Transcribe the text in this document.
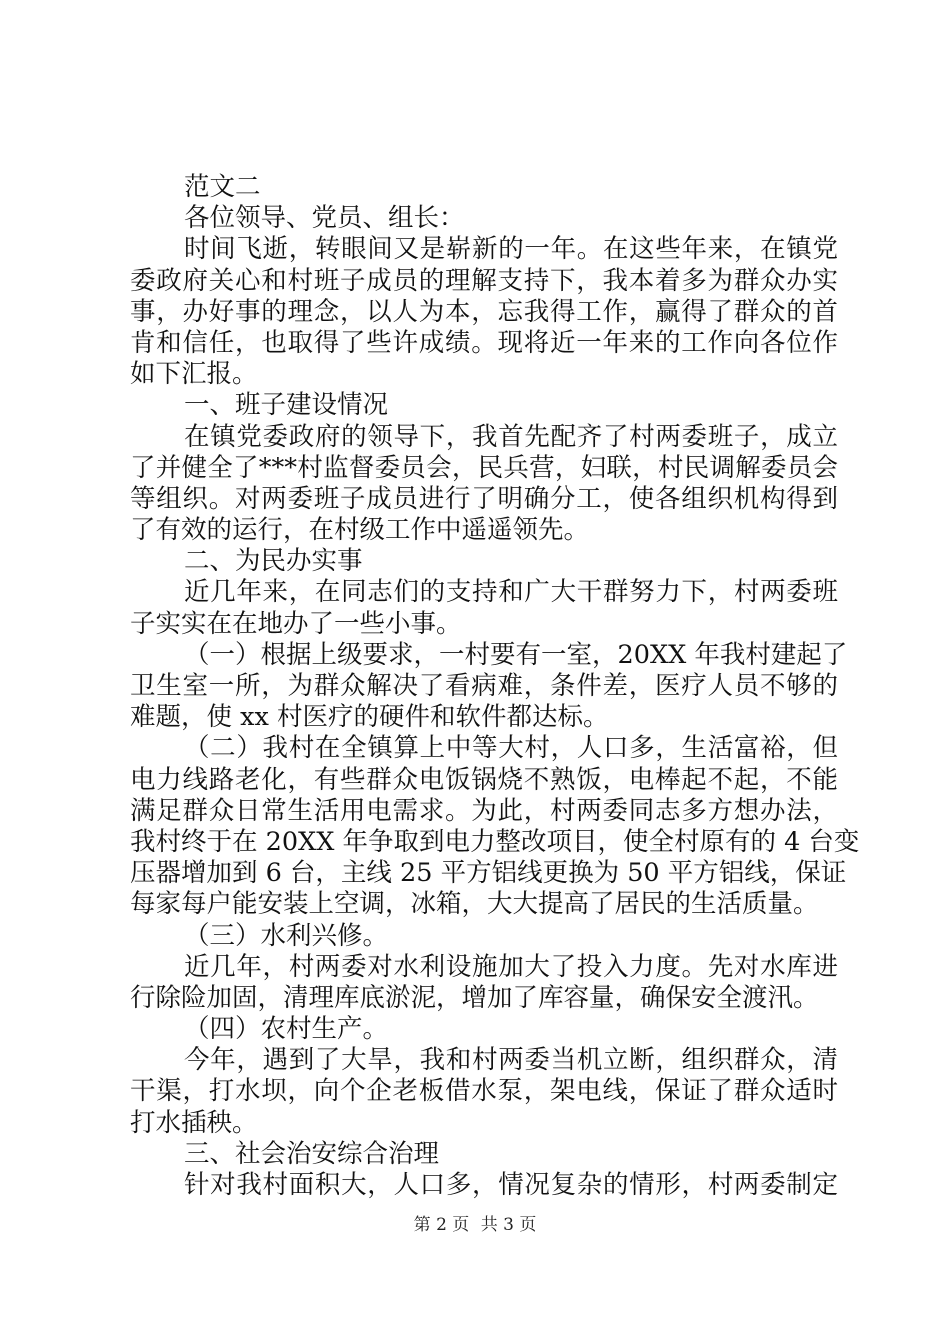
范文二
各位领导、党员、组长：
时间飞逝，转眼间又是崭新的一年。在这些年来，在镇党
委政府关心和村班子成员的理解支持下，我本着多为群众办实
事，办好事的理念，以人为本，忘我得工作，赢得了群众的首
肯和信任，也取得了些许成绩。现将近一年来的工作向各位作
如下汇报。
一、班子建设情况
在镇党委政府的领导下，我首先配齐了村两委班子，成立
了并健全了***村监督委员会，民兵营，妇联，村民调解委员会
等组织。对两委班子成员进行了明确分工，使各组织机构得到
了有效的运行，在村级工作中遥遥领先。
二、为民办实事
近几年来，在同志们的支持和广大干群努力下，村两委班
子实实在在地办了一些小事。
（一）根据上级要求，一村要有一室，20XX 年我村建起了
卫生室一所，为群众解决了看病难，条件差，医疗人员不够的
难题，使 xx 村医疗的硬件和软件都达标。
（二）我村在全镇算上中等大村，人口多，生活富裕，但
电力线路老化，有些群众电饭锅烧不熟饭，电棒起不起，不能
满足群众日常生活用电需求。为此，村两委同志多方想办法，
我村终于在 20XX 年争取到电力整改项目，使全村原有的 4 台变
压器增加到 6 台，主线 25 平方铝线更换为 50 平方铝线，保证
每家每户能安装上空调，冰箱，大大提高了居民的生活质量。
（三）水利兴修。
近几年，村两委对水利设施加大了投入力度。先对水库进
行除险加固，清理库底淤泥，增加了库容量，确保安全渡汛。
（四）农村生产。
今年，遇到了大旱，我和村两委当机立断，组织群众，清
干渠，打水坝，向个企老板借水泵，架电线，保证了群众适时
打水插秧。
三、社会治安综合治理
针对我村面积大，人口多，情况复杂的情形，村两委制定
第 2 页 共 3 页
